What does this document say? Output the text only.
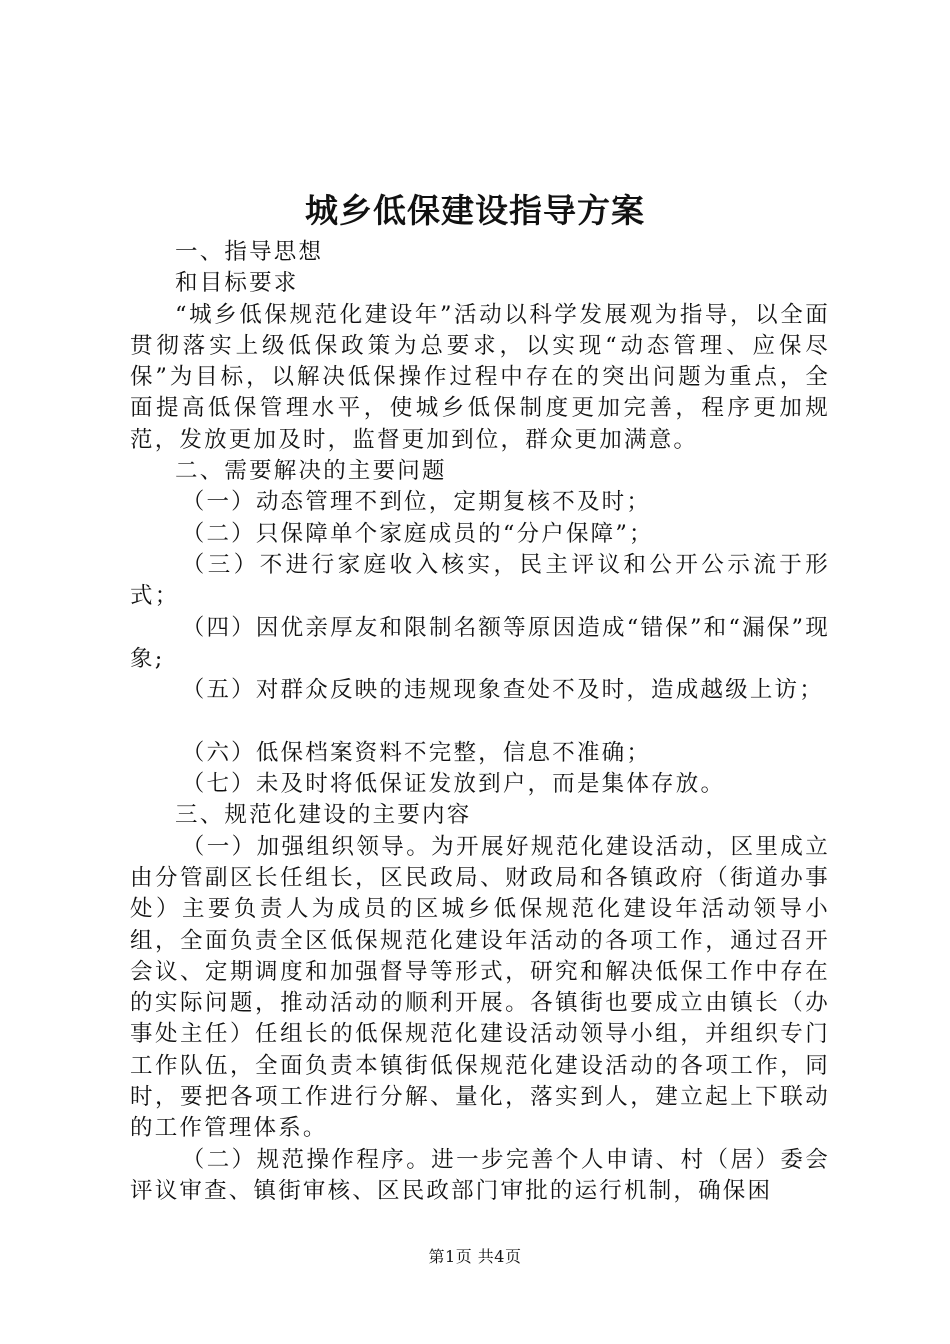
城乡低保建设指导方案

一、指导思想

和目标要求

“城乡低保规范化建设年”活动以科学发展观为指导，以全面贯彻落实上级低保政策为总要求，以实现“动态管理、应保尽保”为目标，以解决低保操作过程中存在的突出问题为重点，全面提高低保管理水平，使城乡低保制度更加完善，程序更加规范，发放更加及时，监督更加到位，群众更加满意。

二、需要解决的主要问题

（一）动态管理不到位，定期复核不及时；

（二）只保障单个家庭成员的“分户保障”；

（三）不进行家庭收入核实，民主评议和公开公示流于形式；

（四）因优亲厚友和限制名额等原因造成“错保”和“漏保”现象;

（五）对群众反映的违规现象查处不及时，造成越级上访；

（六）低保档案资料不完整，信息不准确；

（七）未及时将低保证发放到户，而是集体存放。

三、规范化建设的主要内容

（一）加强组织领导。为开展好规范化建设活动，区里成立由分管副区长任组长，区民政局、财政局和各镇政府（街道办事处）主要负责人为成员的区城乡低保规范化建设年活动领导小组，全面负责全区低保规范化建设年活动的各项工作，通过召开会议、定期调度和加强督导等形式，研究和解决低保工作中存在的实际问题，推动活动的顺利开展。各镇街也要成立由镇长（办事处主任）任组长的低保规范化建设活动领导小组，并组织专门工作队伍，全面负责本镇街低保规范化建设活动的各项工作，同时，要把各项工作进行分解、量化，落实到人，建立起上下联动的工作管理体系。

（二）规范操作程序。进一步完善个人申请、村（居）委会评议审查、镇街审核、区民政部门审批的运行机制，确保困

第1页 共4页
